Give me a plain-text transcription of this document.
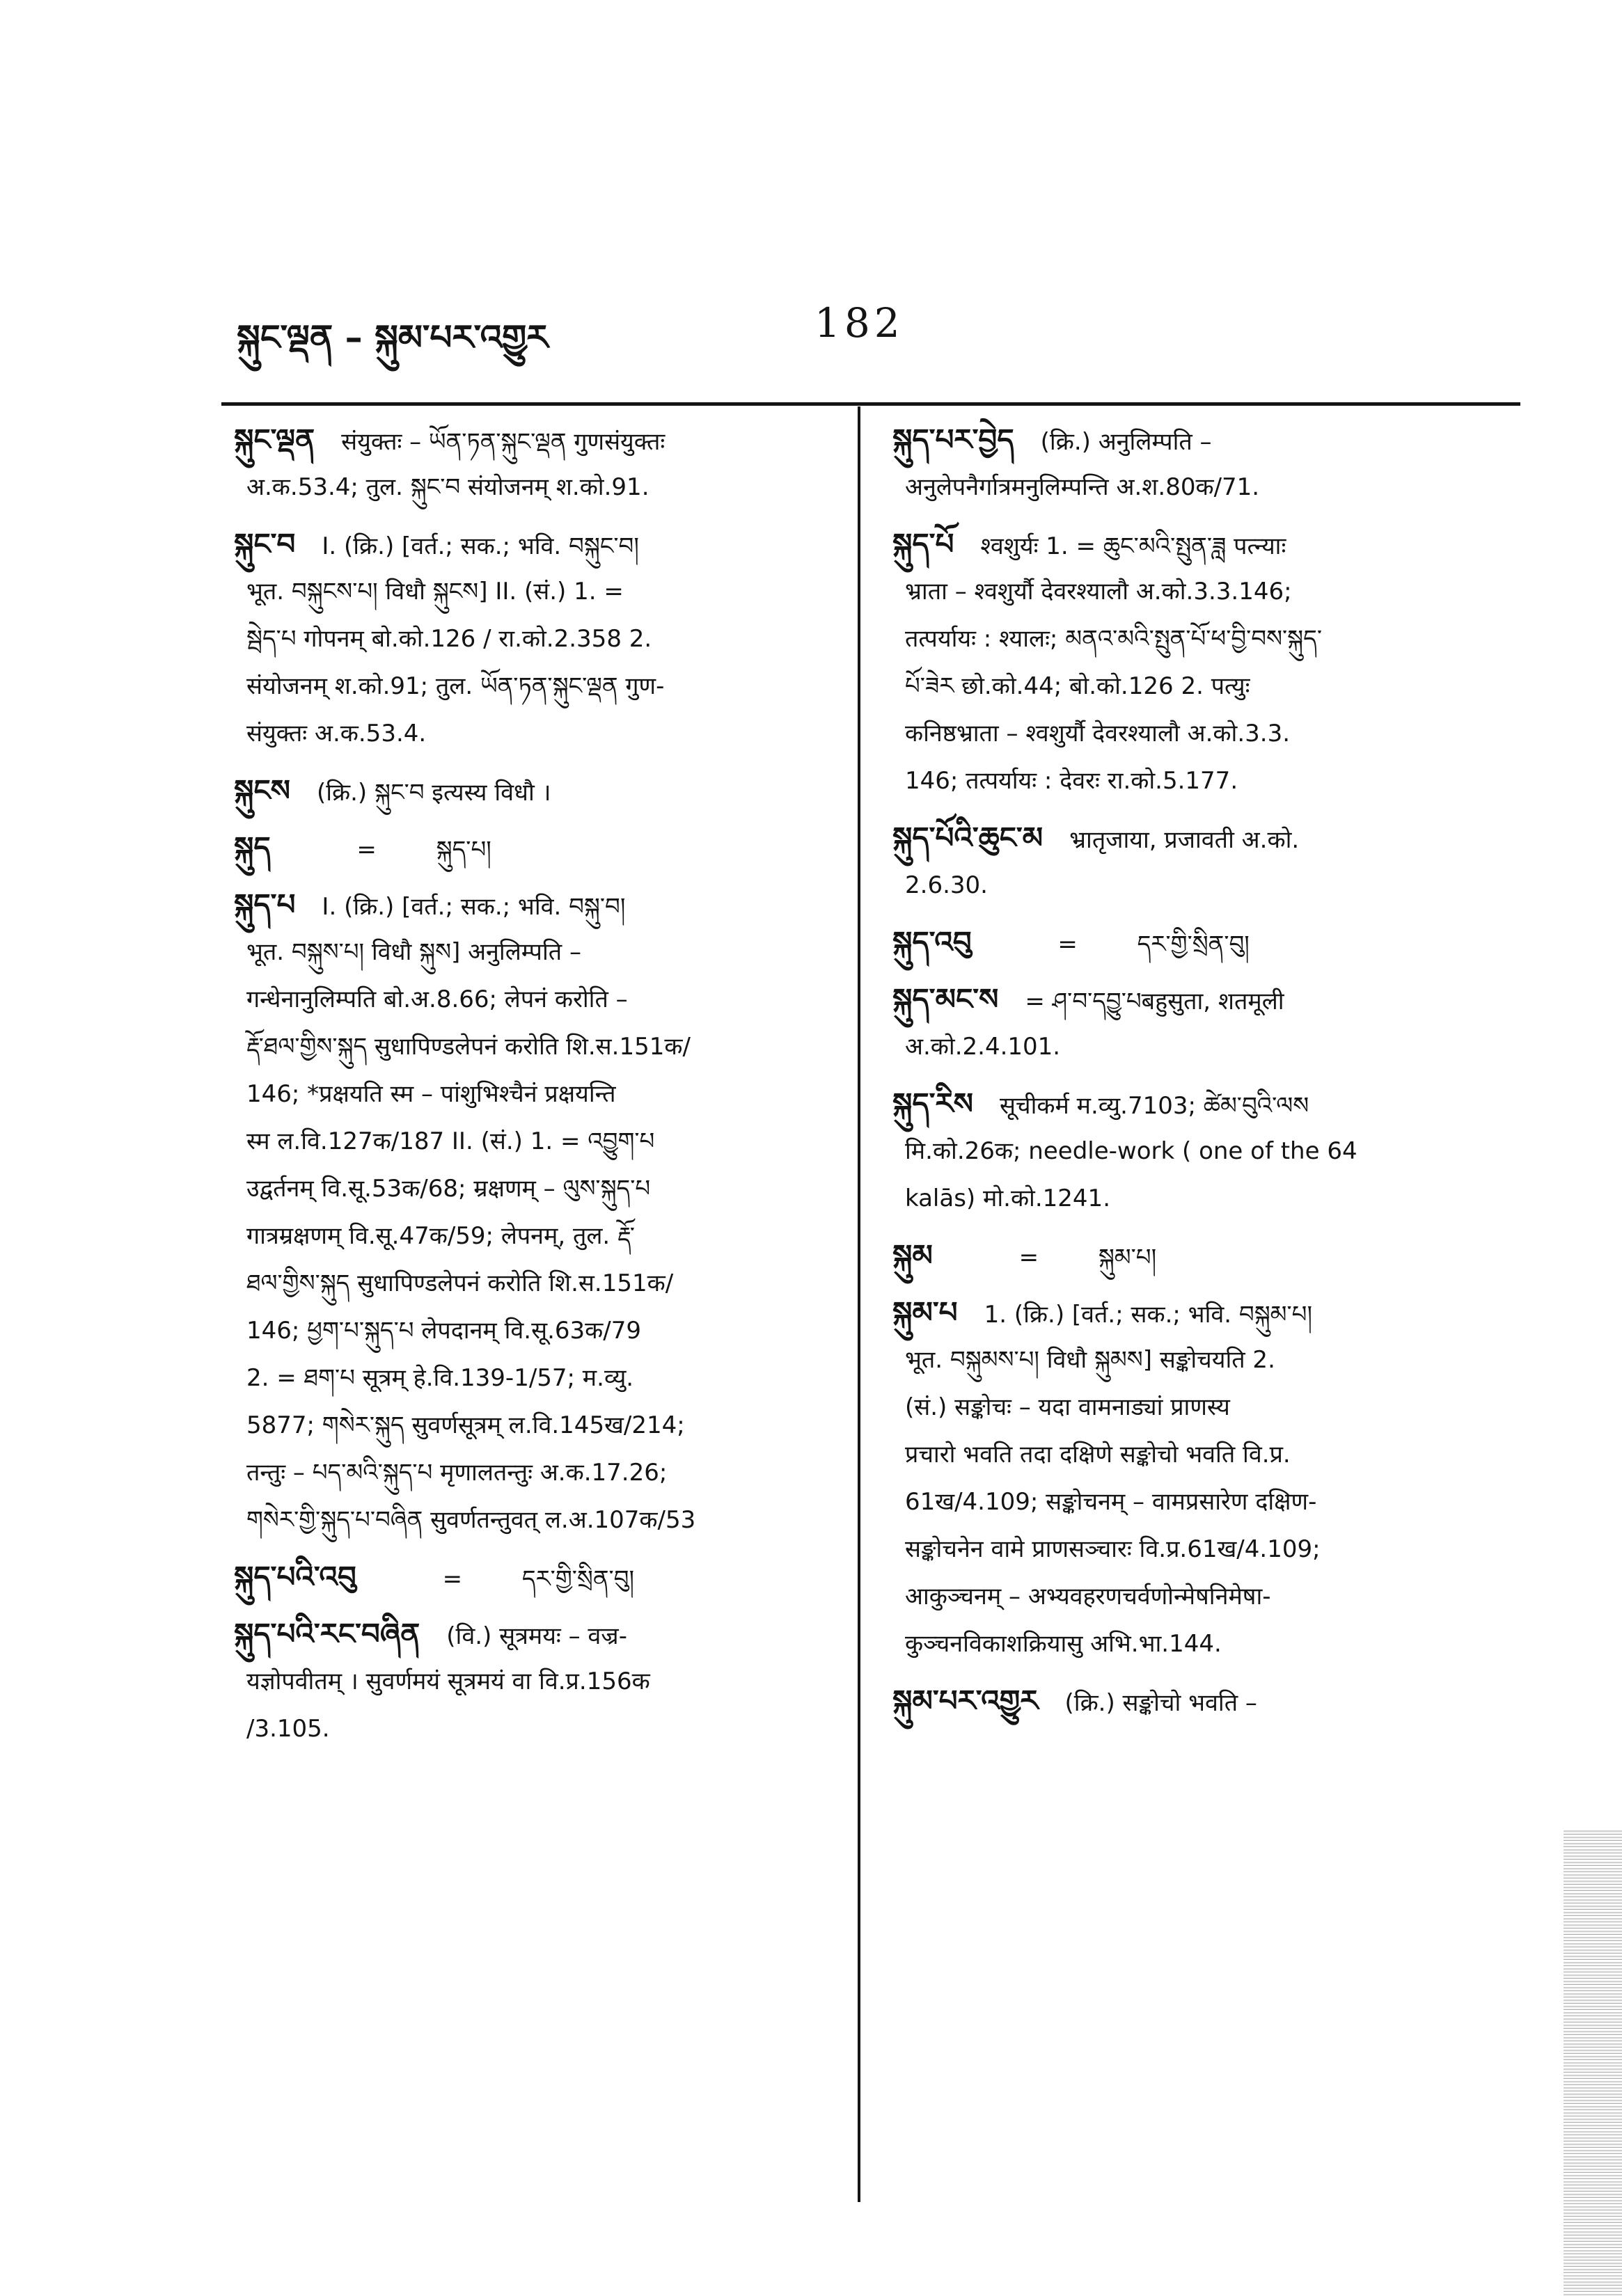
སྐུང་ལྡན – སྐུམ་པར་འགྱུར	182
སྐུང་ལྡན संयुक्तः – ཡོན་ཏན་སྐུང་ལྡན गुणसंयुक्तः
अ.क.53.4; तुल. སྐུང་བ संयोजनम् श.को.91.
སྐུང་བ I. (क्रि.) [वर्त.; सक.; भवि. བསྐུང་བ།
भूत. བསྐུངས་པ། विधौ སྐུངས] II. (सं.) 1. =
སྦེད་པ गोपनम् बो.को.126 / रा.को.2.358 2.
संयोजनम् श.को.91; तुल. ཡོན་ཏན་སྐུང་ལྡན गुण-
संयुक्तः अ.क.53.4.
སྐུངས (क्रि.) སྐུང་བ इत्यस्य विधौ ।
སྐུད	=	སྐུད་པ།
སྐུད་པ I. (क्रि.) [वर्त.; सक.; भवि. བསྐུ་བ།
भूत. བསྐུས་པ། विधौ སྐུས] अनुलिम्पति –
गन्धेनानुलिम्पति बो.अ.8.66; लेपनं करोति –
རྡོ་ཐལ་གྱིས་སྐུད सुधापिण्डलेपनं करोति शि.स.151क/
146; *प्रक्षयति स्म – पांशुभिश्चैनं प्रक्षयन्ति
स्म ल.वि.127क/187 II. (सं.) 1. = འབྱུག་པ
उद्वर्तनम् वि.सू.53क/68; म्रक्षणम् – ལུས་སྐུད་པ
गात्रम्रक्षणम् वि.सू.47क/59; लेपनम्, तुल. རྡོ་
ཐལ་གྱིས་སྐུད सुधापिण्डलेपनं करोति शि.स.151क/
146; ཕྱག་པ་སྐུད་པ लेपदानम् वि.सू.63क/79
2. = ཐག་པ सूत्रम् हे.वि.139-1/57; म.व्यु.
5877; གསེར་སྐུད सुवर्णसूत्रम् ल.वि.145ख/214;
तन्तुः – པད་མའི་སྐུད་པ मृणालतन्तुः अ.क.17.26;
གསེར་གྱི་སྐུད་པ་བཞིན सुवर्णतन्तुवत् ल.अ.107क/53
སྐུད་པའི་འབུ	=	དར་གྱི་སྲིན་བུ།
སྐུད་པའི་རང་བཞིན (वि.) सूत्रमयः – वज्र-
यज्ञोपवीतम् । सुवर्णमयं सूत्रमयं वा वि.प्र.156क
/3.105.
སྐུད་པར་བྱེད (क्रि.) अनुलिम्पति –
अनुलेपनैर्गात्रमनुलिम्पन्ति अ.श.80क/71.
སྐུད་པོ श्वशुर्यः 1. = ཆུང་མའི་སྤུན་ཟླ पत्न्याः
भ्राता – श्वशुर्यौ देवरश्यालौ अ.को.3.3.146;
तत्पर्यायः : श्यालः; མནའ་མའི་སྤུན་པོ་ཕ་བྱི་བས་སྐུད་
པོ་ཟེར छो.को.44; बो.को.126 2. पत्युः
कनिष्ठभ्राता – श्वशुर्यौ देवरश्यालौ अ.को.3.3.
146; तत्पर्यायः : देवरः रा.को.5.177.
སྐུད་པོའི་ཆུང་མ भ्रातृजाया, प्रजावती अ.को.
2.6.30.
སྐུད་འབུ	=	དར་གྱི་སྲིན་བུ།
སྐུད་མང་ས = ཤ་བ་དབྱུ་པबहुसुता, शतमूली
अ.को.2.4.101.
སྐུད་རིས सूचीकर्म म.व्यु.7103; ཚེམ་བུའི་ལས
मि.को.26क; needle-work ( one of the 64
kalās) मो.को.1241.
སྐུམ	=	སྐུམ་པ།
སྐུམ་པ 1. (क्रि.) [वर्त.; सक.; भवि. བསྐུམ་པ།
भूत. བསྐུམས་པ། विधौ སྐུམས] सङ्कोचयति 2.
(सं.) सङ्कोचः – यदा वामनाड्यां प्राणस्य
प्रचारो भवति तदा दक्षिणे सङ्कोचो भवति वि.प्र.
61ख/4.109; सङ्कोचनम् – वामप्रसारेण दक्षिण-
सङ्कोचनेन वामे प्राणसञ्चारः वि.प्र.61ख/4.109;
आकुञ्चनम् – अभ्यवहरणचर्वणोन्मेषनिमेषा-
कुञ्चनविकाशक्रियासु अभि.भा.144.
སྐུམ་པར་འགྱུར (क्रि.) सङ्कोचो भवति –
